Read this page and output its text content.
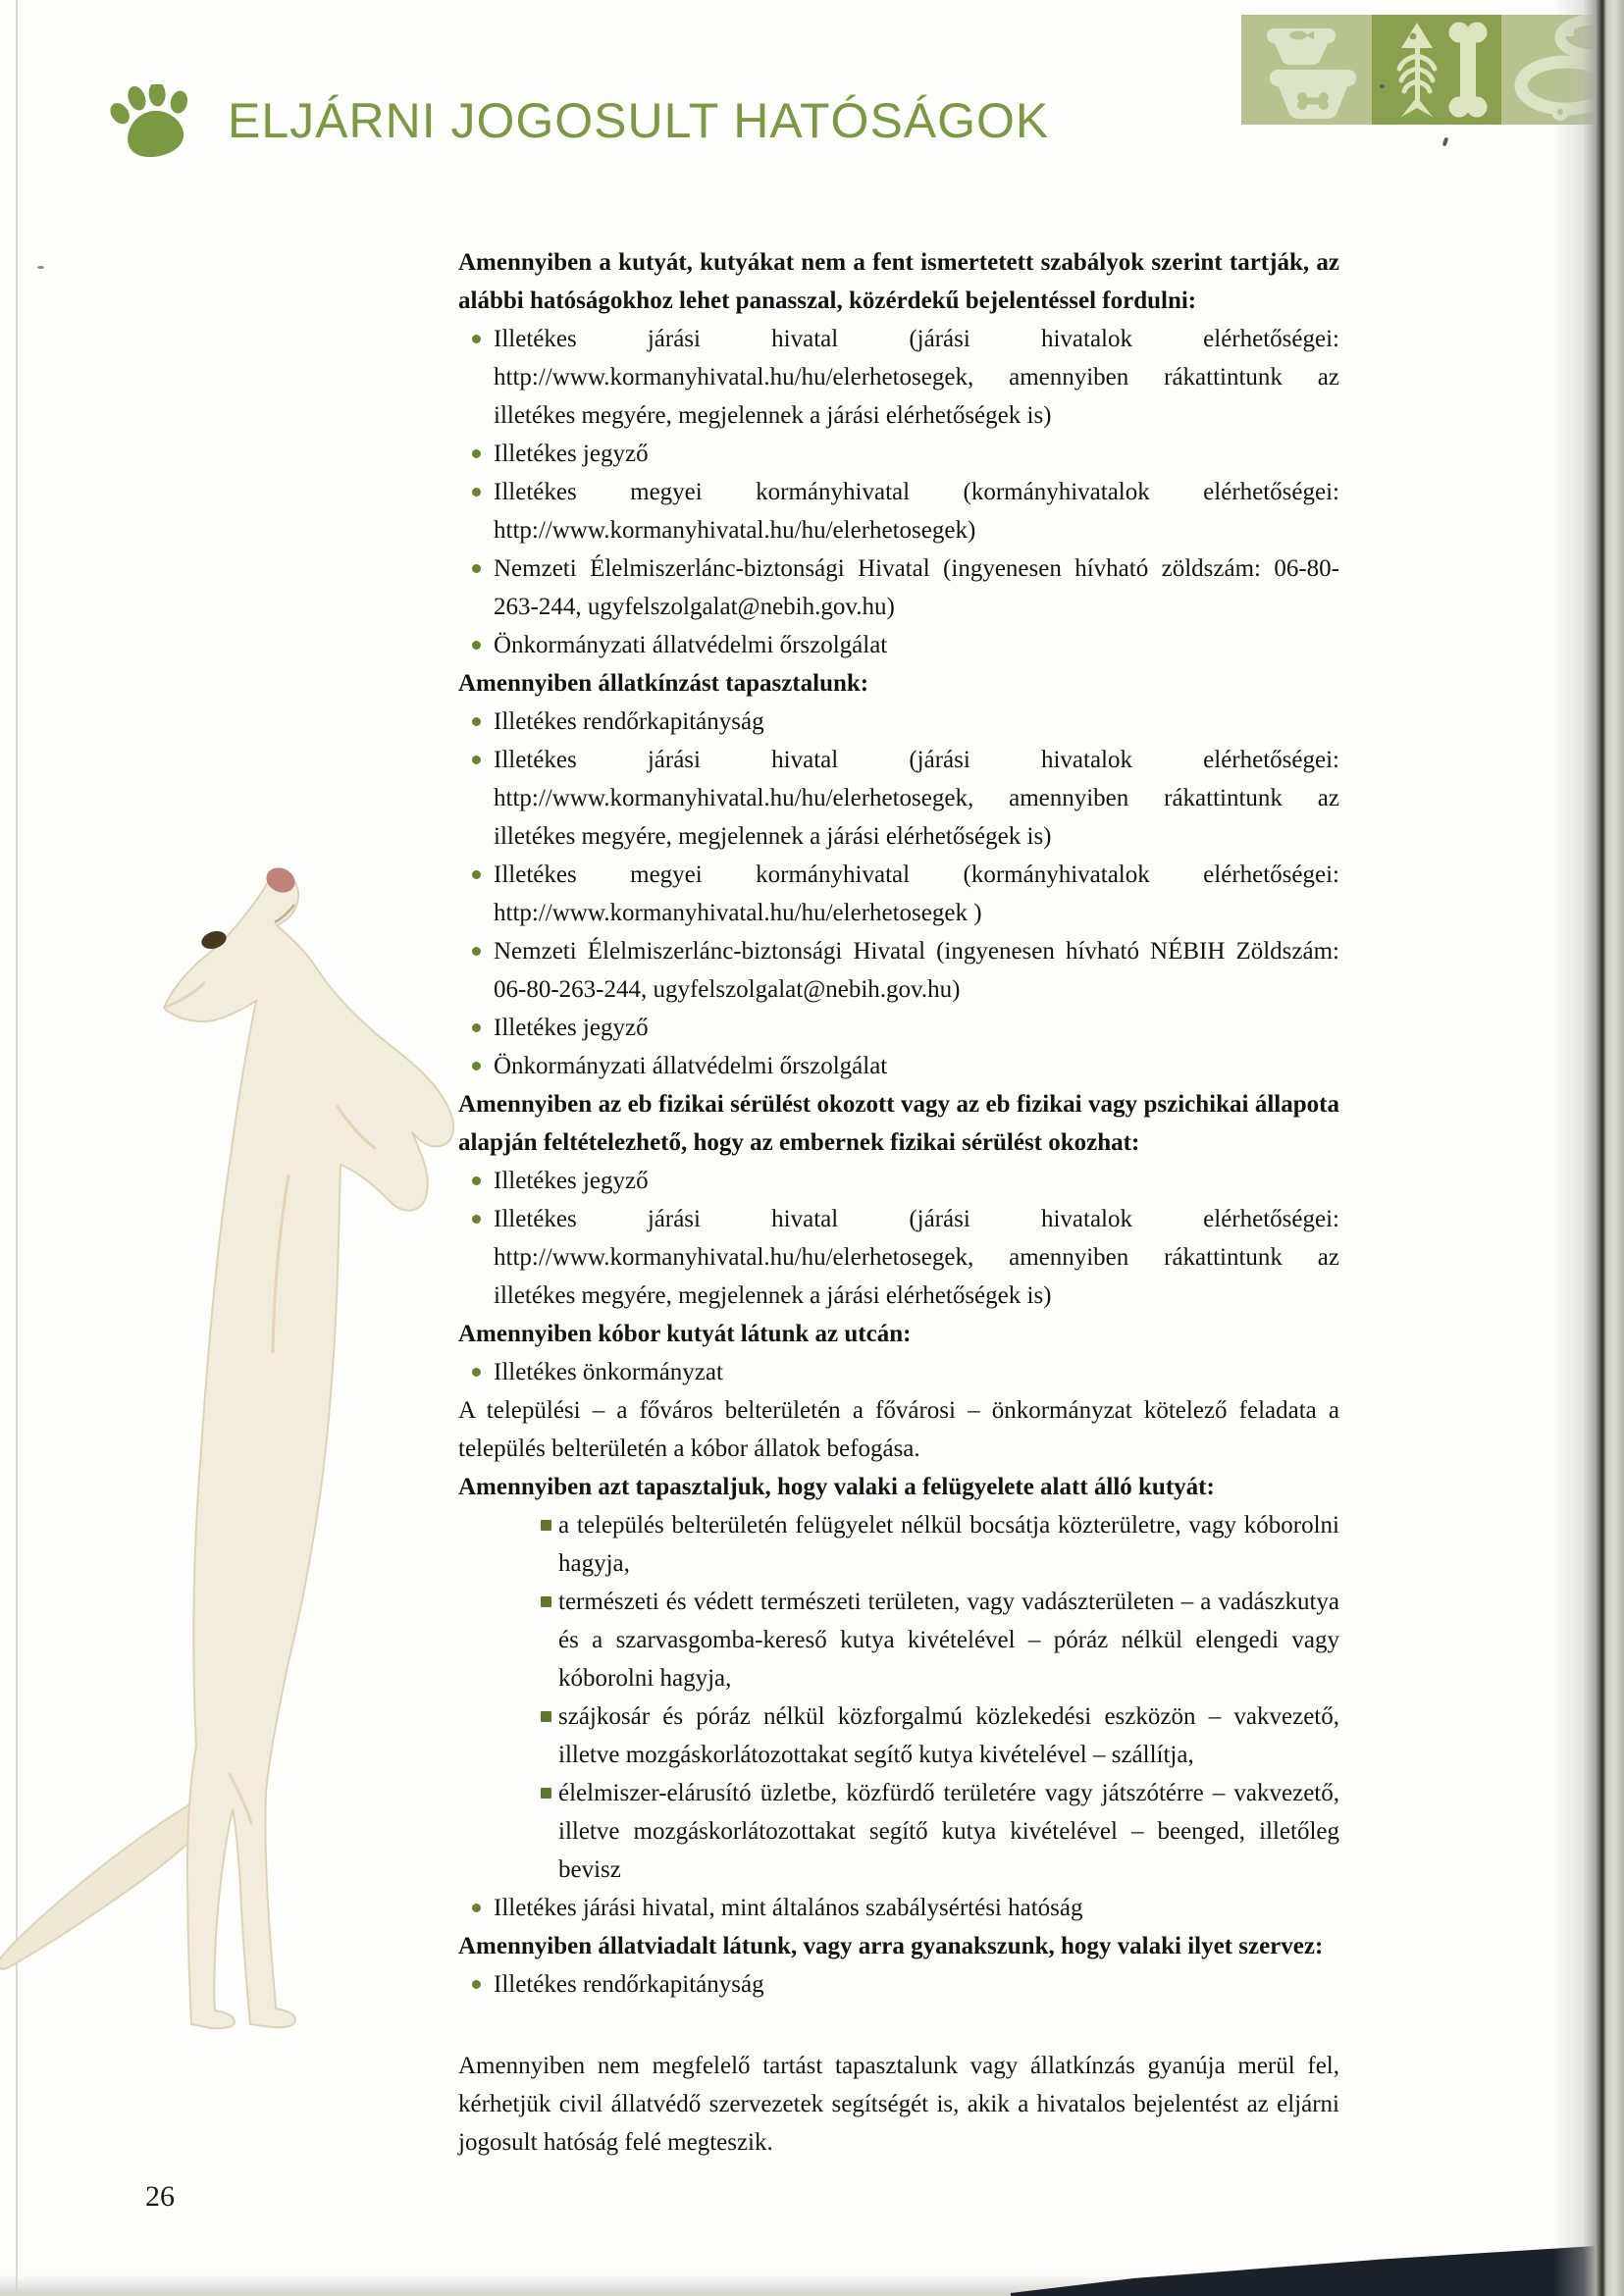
ELJÁRNI JOGOSULT HATÓSÁGOK

Amennyiben a kutyát, kutyákat nem a fent ismertetett szabályok szerint tartják, az alábbi hatóságokhoz lehet panasszal, közérdekű bejelentéssel fordulni:

Illetékes járási hivatal (járási hivatalok elérhetőségei: http://www.kormanyhivatal.hu/hu/elerhetosegek, amennyiben rákattintunk az illetékes megyére, megjelennek a járási elérhetőségek is)

Illetékes jegyző

Illetékes megyei kormányhivatal (kormányhivatalok elérhetőségei: http://www.kormanyhivatal.hu/hu/elerhetosegek)

Nemzeti Élelmiszerlánc-biztonsági Hivatal (ingyenesen hívható zöldszám: 06-80-263-244, ugyfelszolgalat@nebih.gov.hu)

Önkormányzati állatvédelmi őrszolgálat

Amennyiben állatkínzást tapasztalunk:

Illetékes rendőrkapitányság

Illetékes járási hivatal (járási hivatalok elérhetőségei: http://www.kormanyhivatal.hu/hu/elerhetosegek, amennyiben rákattintunk az illetékes megyére, megjelennek a járási elérhetőségek is)

Illetékes megyei kormányhivatal (kormányhivatalok elérhetőségei: http://www.kormanyhivatal.hu/hu/elerhetosegek )

Nemzeti Élelmiszerlánc-biztonsági Hivatal (ingyenesen hívható NÉBIH Zöldszám: 06-80-263-244, ugyfelszolgalat@nebih.gov.hu)

Illetékes jegyző

Önkormányzati állatvédelmi őrszolgálat

Amennyiben az eb fizikai sérülést okozott vagy az eb fizikai vagy pszichikai állapota alapján feltételezhető, hogy az embernek fizikai sérülést okozhat:

Illetékes jegyző

Illetékes járási hivatal (járási hivatalok elérhetőségei: http://www.kormanyhivatal.hu/hu/elerhetosegek, amennyiben rákattintunk az illetékes megyére, megjelennek a járási elérhetőségek is)

Amennyiben kóbor kutyát látunk az utcán:

Illetékes önkormányzat

A települési – a főváros belterületén a fővárosi – önkormányzat kötelező feladata a település belterületén a kóbor állatok befogása.

Amennyiben azt tapasztaljuk, hogy valaki a felügyelete alatt álló kutyát:

a település belterületén felügyelet nélkül bocsátja közterületre, vagy kóborolni hagyja,

természeti és védett természeti területen, vagy vadászterületen – a vadászkutya és a szarvasgomba-kereső kutya kivételével – póráz nélkül elengedi vagy kóborolni hagyja,

szájkosár és póráz nélkül közforgalmú közlekedési eszközön – vakvezető, illetve mozgáskorlátozottakat segítő kutya kivételével – szállítja,

élelmiszer-elárusító üzletbe, közfürdő területére vagy játszótérre – vakvezető, illetve mozgáskorlátozottakat segítő kutya kivételével – beenged, illetőleg bevisz

Illetékes járási hivatal, mint általános szabálysértési hatóság

Amennyiben állatviadalt látunk, vagy arra gyanakszunk, hogy valaki ilyet szervez:

Illetékes rendőrkapitányság

Amennyiben nem megfelelő tartást tapasztalunk vagy állatkínzás gyanúja merül fel, kérhetjük civil állatvédő szervezetek segítségét is, akik a hivatalos bejelentést az eljárni jogosult hatóság felé megteszik.

26
